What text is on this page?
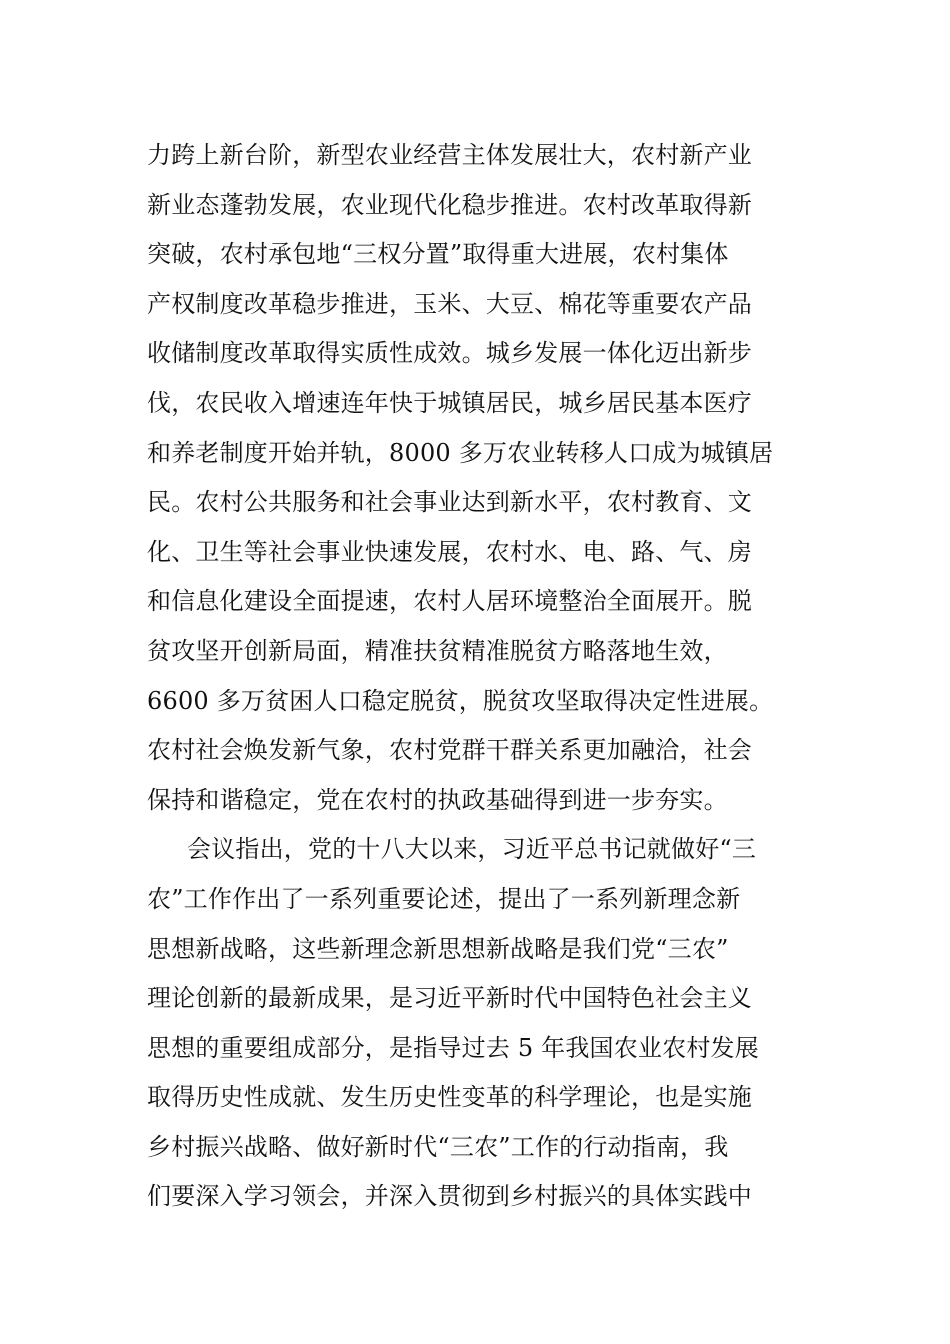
力跨上新台阶，新型农业经营主体发展壮大，农村新产业
新业态蓬勃发展，农业现代化稳步推进。农村改革取得新
突破，农村承包地“三权分置”取得重大进展，农村集体
产权制度改革稳步推进，玉米、大豆、棉花等重要农产品
收储制度改革取得实质性成效。城乡发展一体化迈出新步
伐，农民收入增速连年快于城镇居民，城乡居民基本医疗
和养老制度开始并轨，8000 多万农业转移人口成为城镇居
民。农村公共服务和社会事业达到新水平，农村教育、文
化、卫生等社会事业快速发展，农村水、电、路、气、房
和信息化建设全面提速，农村人居环境整治全面展开。脱
贫攻坚开创新局面，精准扶贫精准脱贫方略落地生效，
6600 多万贫困人口稳定脱贫，脱贫攻坚取得决定性进展。
农村社会焕发新气象，农村党群干群关系更加融洽，社会
保持和谐稳定，党在农村的执政基础得到进一步夯实。
会议指出，党的十八大以来，习近平总书记就做好“三
农”工作作出了一系列重要论述，提出了一系列新理念新
思想新战略，这些新理念新思想新战略是我们党“三农”
理论创新的最新成果，是习近平新时代中国特色社会主义
思想的重要组成部分，是指导过去 5 年我国农业农村发展
取得历史性成就、发生历史性变革的科学理论，也是实施
乡村振兴战略、做好新时代“三农”工作的行动指南，我
们要深入学习领会，并深入贯彻到乡村振兴的具体实践中
